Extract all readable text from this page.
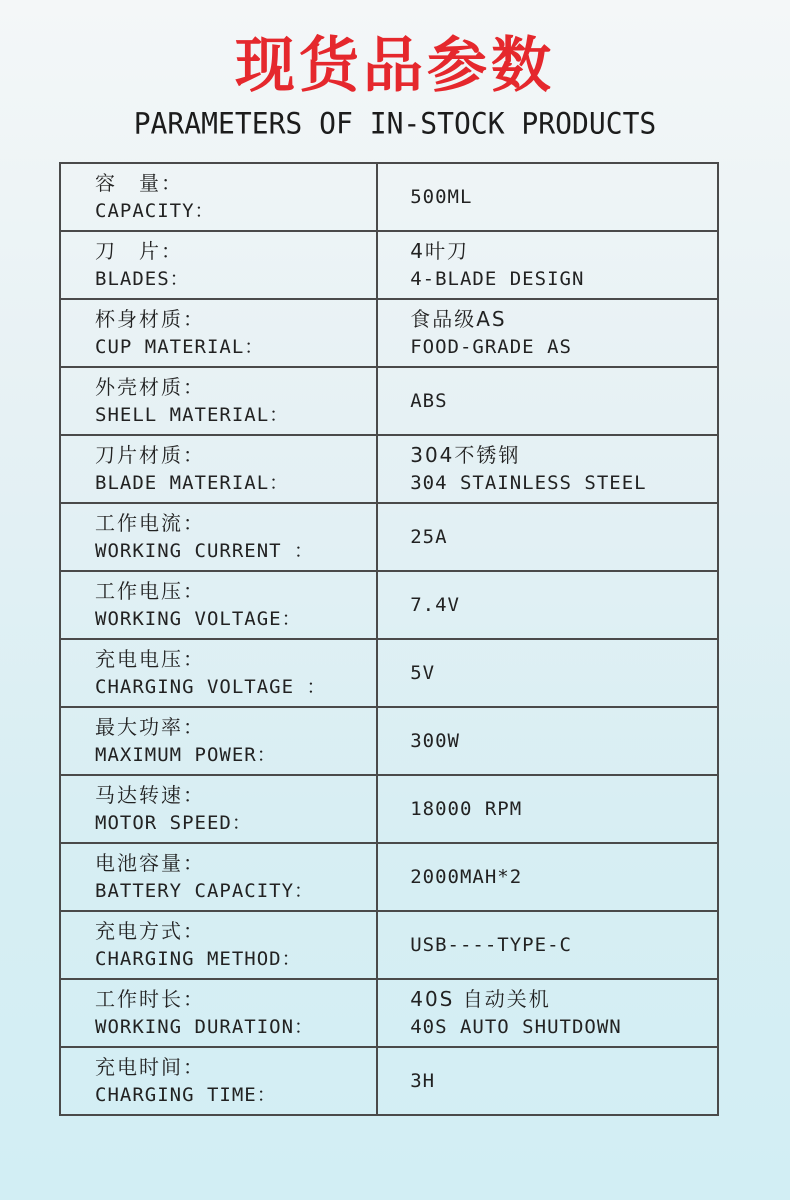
现货品参数
PARAMETERS OF IN-STOCK PRODUCTS
容　量：
CAPACITY：	500ML

刀　片：
BLADES：	4叶刀
4-BLADE DESIGN

杯身材质：
CUP MATERIAL：	食品级AS
FOOD-GRADE AS

外壳材质：
SHELL MATERIAL：	ABS

刀片材质：
BLADE MATERIAL：	304不锈钢
304 STAINLESS STEEL

工作电流：
WORKING CURRENT ：	25A

工作电压：
WORKING VOLTAGE：	7.4V

充电电压：
CHARGING VOLTAGE ：	5V

最大功率：
MAXIMUM POWER：	300W

马达转速：
MOTOR SPEED：	18000 RPM

电池容量：
BATTERY CAPACITY：	2000MAH*2

充电方式：
CHARGING METHOD：	USB----TYPE-C

工作时长：
WORKING DURATION：	40S 自动关机
40S AUTO SHUTDOWN

充电时间：
CHARGING TIME：	3H
